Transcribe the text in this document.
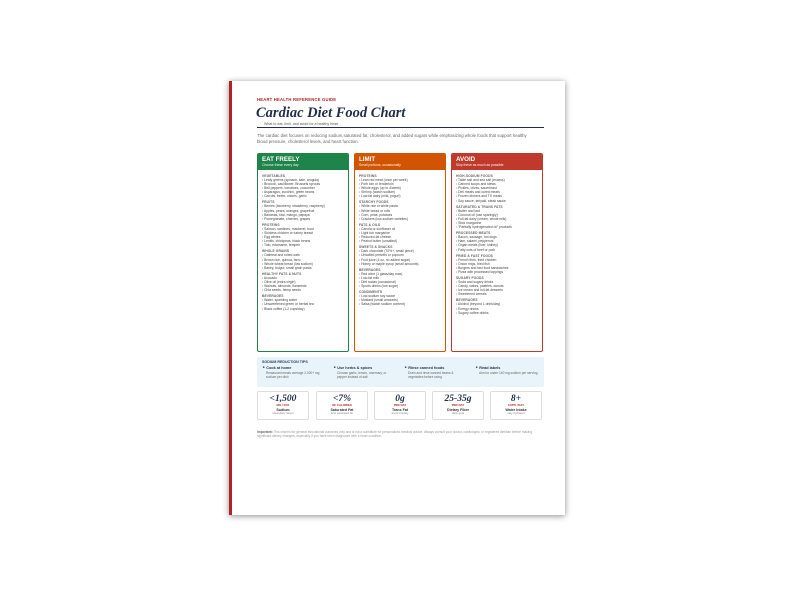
HEART HEALTH REFERENCE GUIDE
Cardiac Diet Food Chart
What to eat, limit, and avoid for a healthy heart
The cardiac diet focuses on reducing sodium,saturated fat, cholesterol, and added sugars while emphasizing whole foods that support healthy blood pressure, cholesterol levels, and heart function.
EAT FREELY
Choose these every day
VEGETABLES
• Leafy greens (spinach, kale, arugula)
• Broccoli, cauliflower, Brussels sprouts
• Bell peppers, tomatoes, cucumber
• Asparagus, zucchini, green beans
• Carrots, beets, onions, garlic
FRUITS
• Berries (blueberry, strawberry, raspberry)
• Apples, pears, oranges, grapefruit
• Bananas, kiwi, mango, papaya
• Pomegranate, cherries, grapes
PROTEINS
• Salmon, sardines, mackerel, trout
• Skinless chicken or turkey breast
• Egg whites
• Lentils, chickpeas, black beans
• Tofu, edamame, tempeh
WHOLE GRAINS
• Oatmeal and rolled oats
• Brown rice, quinoa, farro
• Whole wheat bread (low sodium)
• Barley, bulgur, small grain pasta
HEALTHY FATS & NUTS
• Avocado
• Olive oil (extra virgin)
• Walnuts, almonds, flaxseeds
• Chia seeds, hemp seeds
BEVERAGES
• Water, sparkling water
• Unsweetened green or herbal tea
• Black coffee (1-2 cups/day)
LIMIT
Small portions, occasionally
PROTEINS
• Lean red meat (once per week)
• Pork loin or tenderloin
• Whole eggs (up to 4/week)
• Shrimp (watch sodium)
• Low-fat dairy (milk, yogurt)
STARCHY FOODS
• White rice or white pasta
• White bread or rolls
• Corn, peas, potatoes
• Crackers (low-sodium varieties)
FATS & OILS
• Canola or sunflower oil
• Light tub margarine
• Reduced-fat cheese
• Peanut butter (unsalted)
SWEETS & SNACKS
• Dark chocolate (70%+, small piece)
• Unsalted pretzels or popcorn
• Fruit juice (4 oz, no added sugar)
• Honey or maple syrup (small amounts)
BEVERAGES
• Red wine (1 glass/day max)
• Low-fat milk
• Diet sodas (occasional)
• Sports drinks (low sugar)
CONDIMENTS
• Low-sodium soy sauce
• Mustard (small amounts)
• Salsa (watch sodium content)
AVOID
Skip these as much as possible
HIGH-SODIUM FOODS
• Table salt and sea salt (excess)
• Canned soups and stews
• Pickles, olives, sauerkraut
• Deli meats and cured meats
• Frozen dinners and TV meals
• Soy sauce, teriyaki, steak sauce
SATURATED & TRANS FATS
• Butter and lard
• Coconut oil (use sparingly)
• Full-fat dairy (cream, whole milk)
• Stick margarine
• "Partially hydrogenated oil" products
PROCESSED MEATS
• Bacon, sausage, hot dogs
• Ham, salami, pepperoni
• Organ meats (liver, kidney)
• Fatty cuts of beef or pork
FRIED & FAST FOODS
• French fries, fried chicken
• Onion rings, fried fish
• Burgers and fast food sandwiches
• Pizza with processed toppings
SUGARY FOODS
• Soda and sugary drinks
• Candy, cakes, pastries, donuts
• Ice cream and full-fat desserts
• Sweetened cereals
BEVERAGES
• Alcohol (beyond 1 drink/day)
• Energy drinks
• Sugary coffee drinks
SODIUM REDUCTION TIPS
⚬ Cook at home
Restaurant meals average 2,000+ mg sodium per dish
⚬ Use herbs & spices
Choose garlic, lemon, rosemary, or pepper instead of salt
⚬ Rinse canned foods
Drain and rinse canned beans & vegetables before using
⚬ Read labels
Aim for under 140 mg sodium per serving
<1,500
MG / DAY
Sodium
ideal daily target
<7%
OF CALORIES
Saturated Fat
limit saturated fat
0g
PER DAY
Trans Fat
avoid entirely
25-35g
PER DAY
Dietary Fiber
daily goal
8+
CUPS / DAY
Water Intake
stay hydrated
Important: This chart is for general educational purposes only and is not a substitute for personalized medical advice. Always consult your doctor, cardiologist, or registered dietitian before making significant dietary changes, especially if you have been diagnosed with a heart condition.
